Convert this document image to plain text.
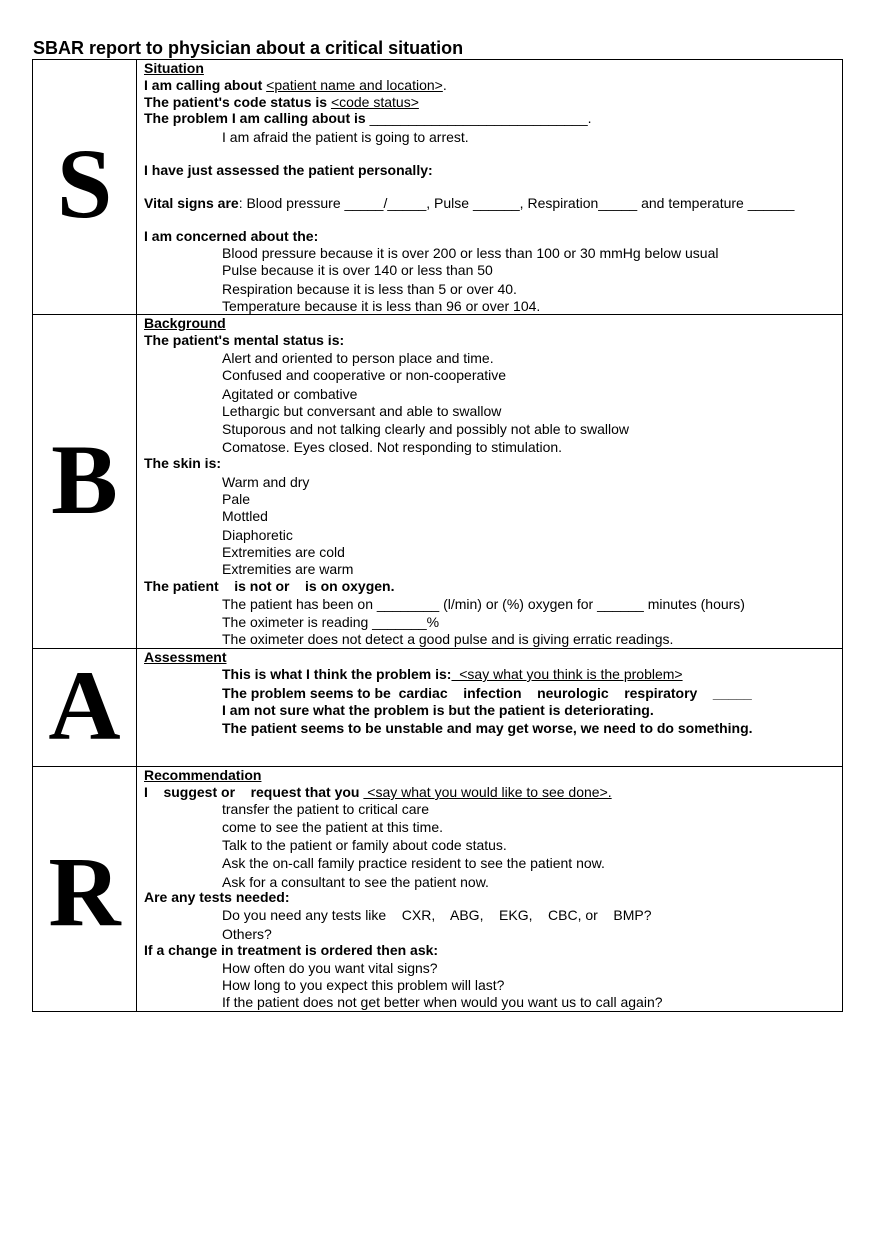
SBAR report to physician about a critical situation
S
B
A
R
Situation
I am calling about <patient name and location>.
The patient's code status is <code status>
The problem I am calling about is ____________________________.
I am afraid the patient is going to arrest.
I have just assessed the patient personally:
Vital signs are: Blood pressure _____/_____, Pulse ______, Respiration_____ and temperature ______
I am concerned about the:
Blood pressure because it is over 200 or less than 100 or 30 mmHg below usual
Pulse because it is over 140 or less than 50
Respiration because it is less than 5 or over 40.
Temperature because it is less than 96 or over 104.
Background
The patient's mental status is:
Alert and oriented to person place and time.
Confused and cooperative or non-cooperative
Agitated or combative
Lethargic but conversant and able to swallow
Stuporous and not talking clearly and possibly not able to swallow
Comatose. Eyes closed. Not responding to stimulation.
The skin is:
Warm and dry
Pale
Mottled
Diaphoretic
Extremities are cold
Extremities are warm
The patient    is not or    is on oxygen.
The patient has been on ________ (l/min) or (%) oxygen for ______ minutes (hours)
The oximeter is reading _______%
The oximeter does not detect a good pulse and is giving erratic readings.
Assessment
This is what I think the problem is:  <say what you think is the problem>
The problem seems to be  cardiac    infection    neurologic    respiratory    _____
I am not sure what the problem is but the patient is deteriorating.
The patient seems to be unstable and may get worse, we need to do something.
Recommendation
I    suggest or    request that you  <say what you would like to see done>.
transfer the patient to critical care
come to see the patient at this time.
Talk to the patient or family about code status.
Ask the on-call family practice resident to see the patient now.
Ask for a consultant to see the patient now.
Are any tests needed:
Do you need any tests like    CXR,    ABG,    EKG,    CBC, or    BMP?
Others?
If a change in treatment is ordered then ask:
How often do you want vital signs?
How long to you expect this problem will last?
If the patient does not get better when would you want us to call again?
